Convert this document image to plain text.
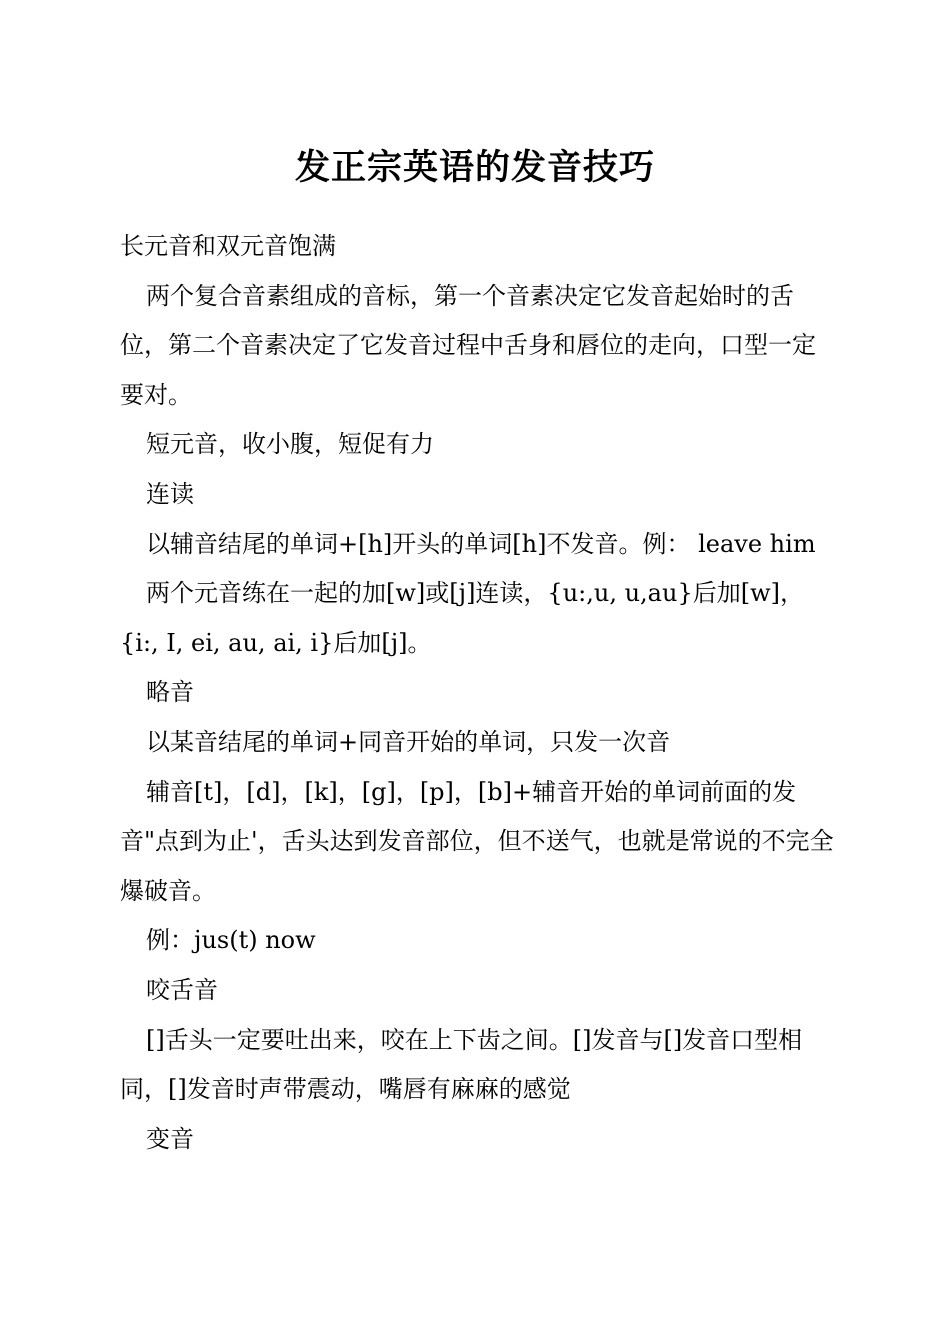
发正宗英语的发音技巧

长元音和双元音饱满

两个复合音素组成的音标，第一个音素决定它发音起始时的舌位，第二个音素决定了它发音过程中舌身和唇位的走向，口型一定要对。

短元音，收小腹，短促有力

连读

以辅音结尾的单词+[h]开头的单词[h]不发音。例： leave him

两个元音练在一起的加[w]或[j]连读，{u:,u, u,au}后加[w]，{i:, I, ei, au, ai, i}后加[j]。

略音

以某音结尾的单词+同音开始的单词，只发一次音

辅音[t]，[d]，[k]，[g]，[p]，[b]+辅音开始的单词前面的发音"点到为止'，舌头达到发音部位，但不送气，也就是常说的不完全爆破音。

例：jus(t) now

咬舌音

[]舌头一定要吐出来，咬在上下齿之间。[]发音与[]发音口型相同，[]发音时声带震动，嘴唇有麻麻的感觉

变音
